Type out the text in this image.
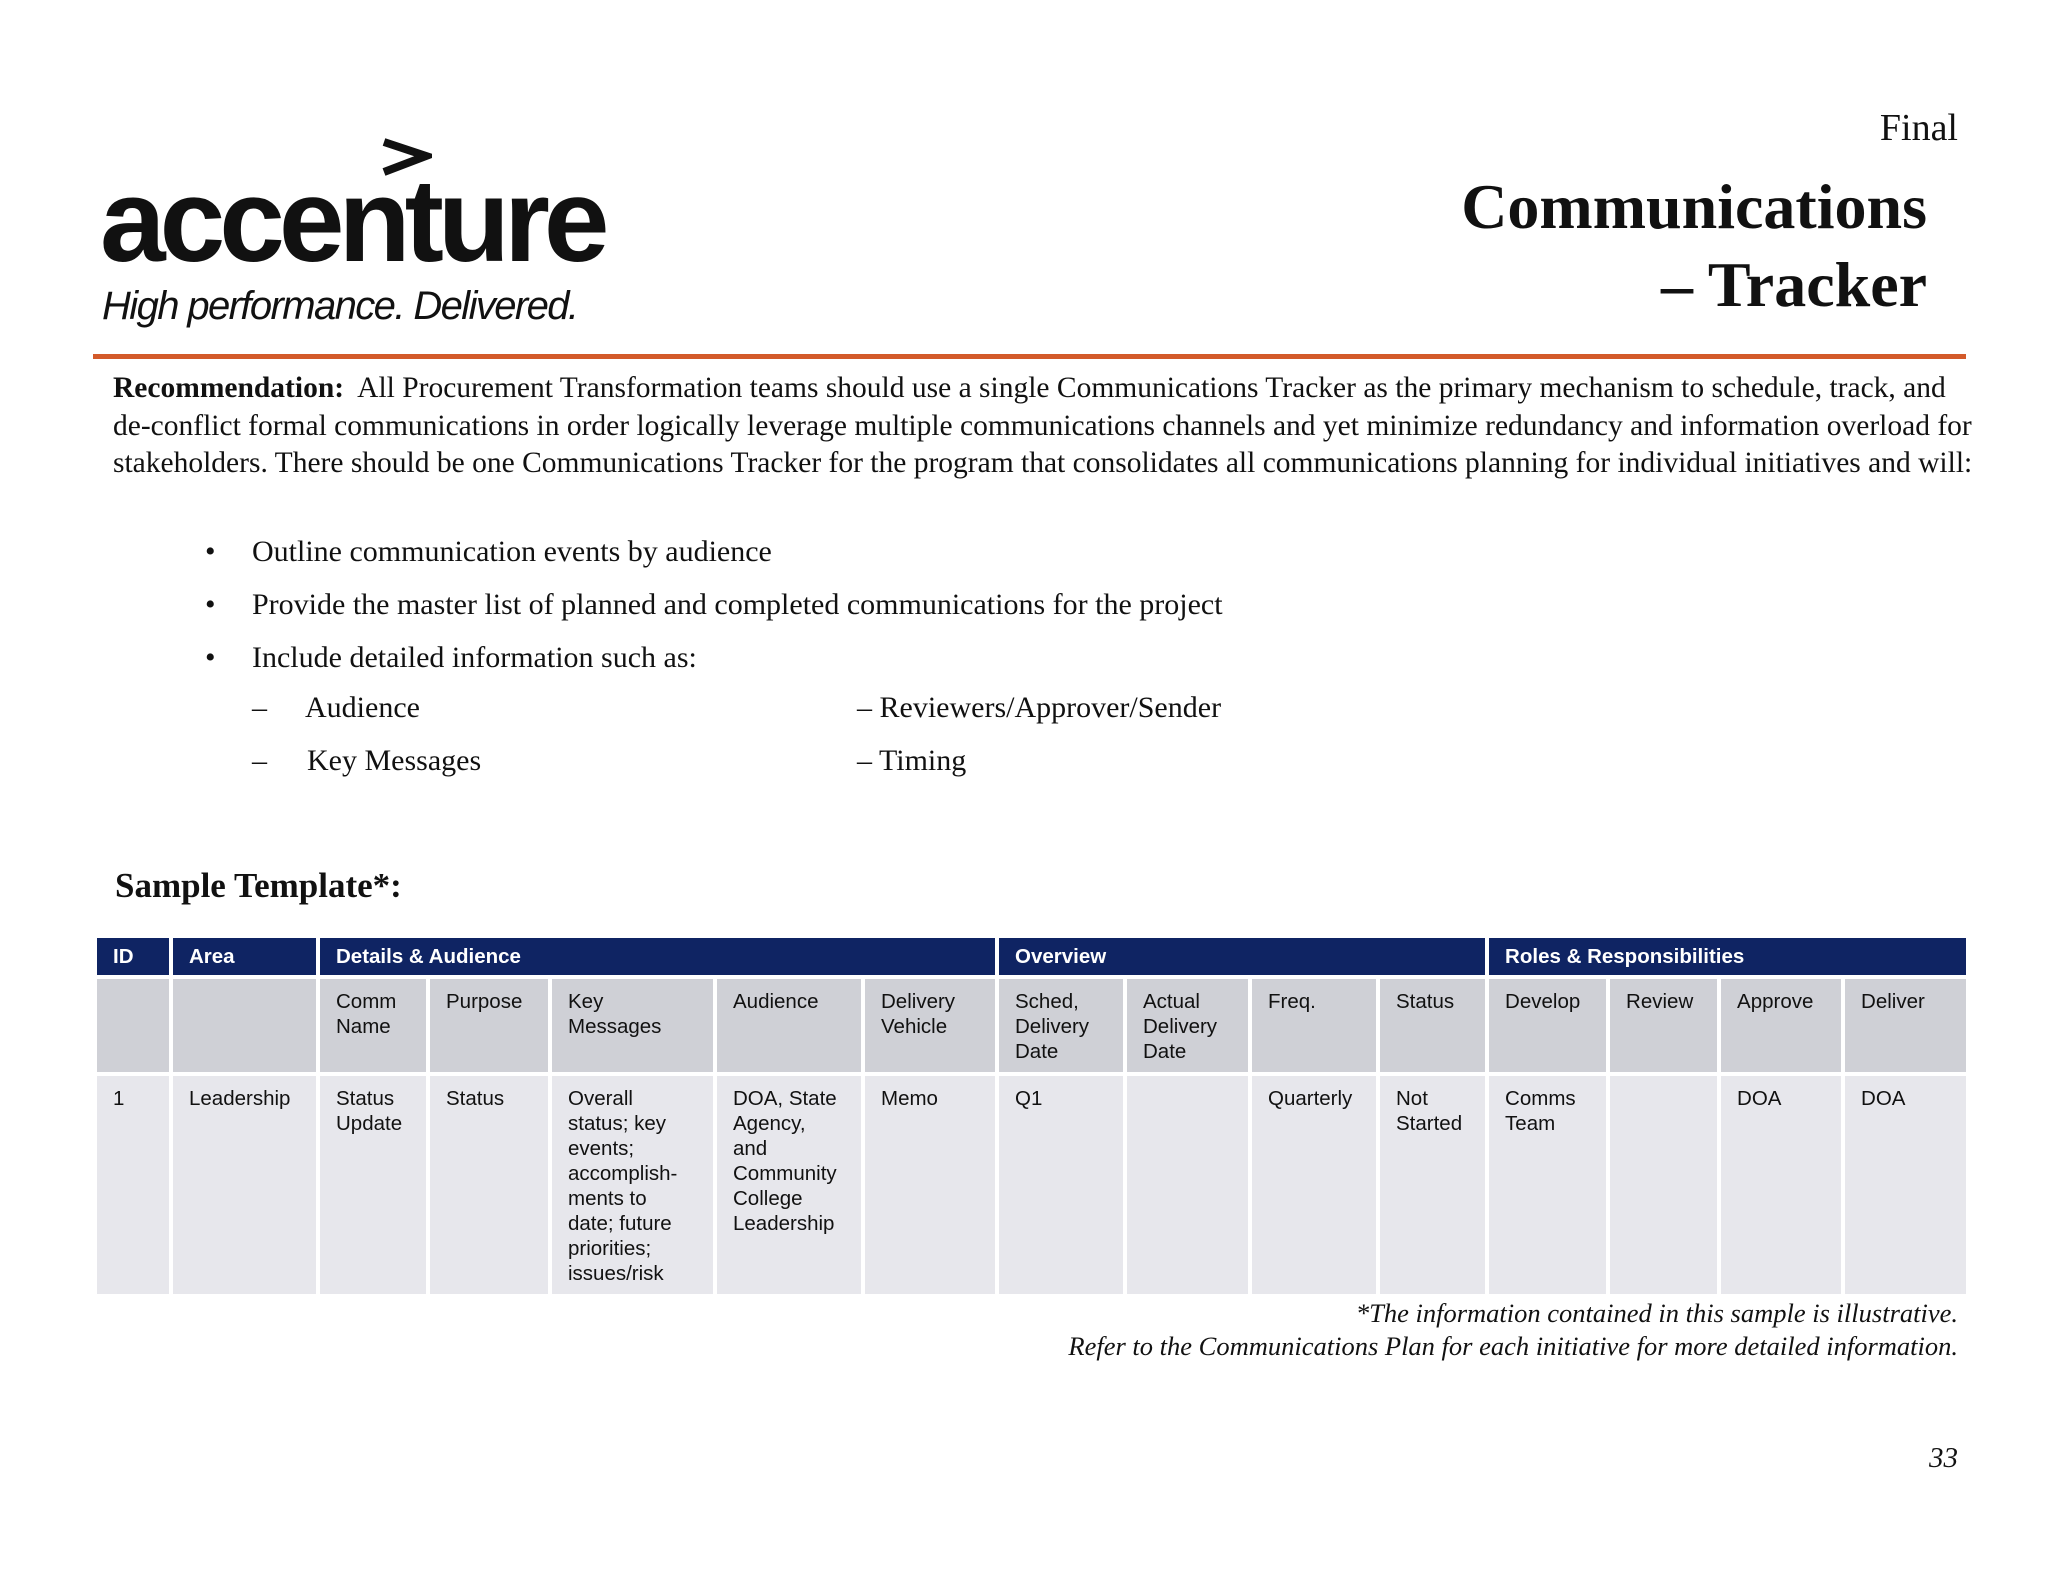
Final
Communications
– Tracker
accenture
High performance. Delivered.
Recommendation: All Procurement Transformation teams should use a single Communications Tracker as the primary mechanism to schedule, track, and de-conflict formal communications in order logically leverage multiple communications channels and yet minimize redundancy and information overload for stakeholders. There should be one Communications Tracker for the program that consolidates all communications planning for individual initiatives and will:
• Outline communication events by audience
• Provide the master list of planned and completed communications for the project
• Include detailed information such as:
– Audience
– Key Messages
– Reviewers/Approver/Sender
– Timing
Sample Template*:
ID	Area	Details & Audience					Overview				Roles & Responsibilities			
		Comm Name	Purpose	Key Messages	Audience	Delivery Vehicle	Sched, Delivery Date	Actual Delivery Date	Freq.	Status	Develop	Review	Approve	Deliver
1	Leadership	Status Update	Status	Overall status; key events; accomplish-ments to date; future priorities; issues/risk	DOA, State Agency, and Community College Leadership	Memo	Q1		Quarterly	Not Started	Comms Team		DOA	DOA
*The information contained in this sample is illustrative.
Refer to the Communications Plan for each initiative for more detailed information.
33
